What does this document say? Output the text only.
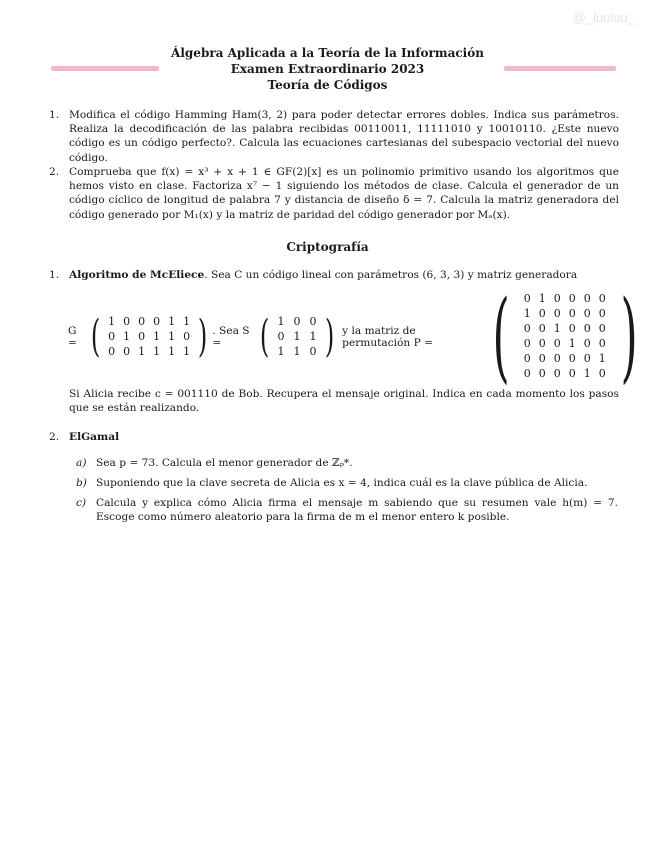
@_luuluu_
Álgebra Aplicada a la Teoría de la Información
Examen Extraordinario 2023
Teoría de Códigos
1. Modifica el código Hamming Ham(3, 2) para poder detectar errores dobles. Indica sus parámetros. Realiza la decodificación de las palabra recibidas 00110011, 11111010 y 10010110. ¿Este nuevo código es un código perfecto?. Calcula las ecuaciones cartesianas del subespacio vectorial del nuevo código.
2. Comprueba que f(x) = x³ + x + 1 ∈ GF(2)[x] es un polinomio primitivo usando los algoritmos que hemos visto en clase. Factoriza x⁷ − 1 siguiendo los métodos de clase. Calcula el generador de un código cíclico de longitud de palabra 7 y distancia de diseño δ = 7. Calcula la matriz generadora del código generado por M₁(x) y la matriz de paridad del código generador por Mₐ(x).
Criptografía
1. Algoritmo de McEliece. Sea C un código lineal con parámetros (6, 3, 3) y matriz generadora
G = ( 1 0 0 0 1 1
0 1 0 1 1 0
0 0 1 1 1 1 ) . Sea S = ( 1 0 0
0 1 1
1 1 0 ) y la matriz de permutación P = (	0 1 0 0 0 0
1 0 0 0 0 0
0 0 1 0 0 0
0 0 0 1 0 0
0 0 0 0 0 1
0 0 0 0 1 0 )
Si Alicia recibe c = 001110 de Bob. Recupera el mensaje original. Indica en cada momento los pasos que se están realizando.
2. ElGamal
a) Sea p = 73. Calcula el menor generador de ℤₚ*.
b) Suponiendo que la clave secreta de Alicia es x = 4, indica cuál es la clave pública de Alicia.
c) Calcula y explica cómo Alicia firma el mensaje m sabiendo que su resumen vale h(m) = 7. Escoge como número aleatorio para la firma de m el menor entero k posible.
